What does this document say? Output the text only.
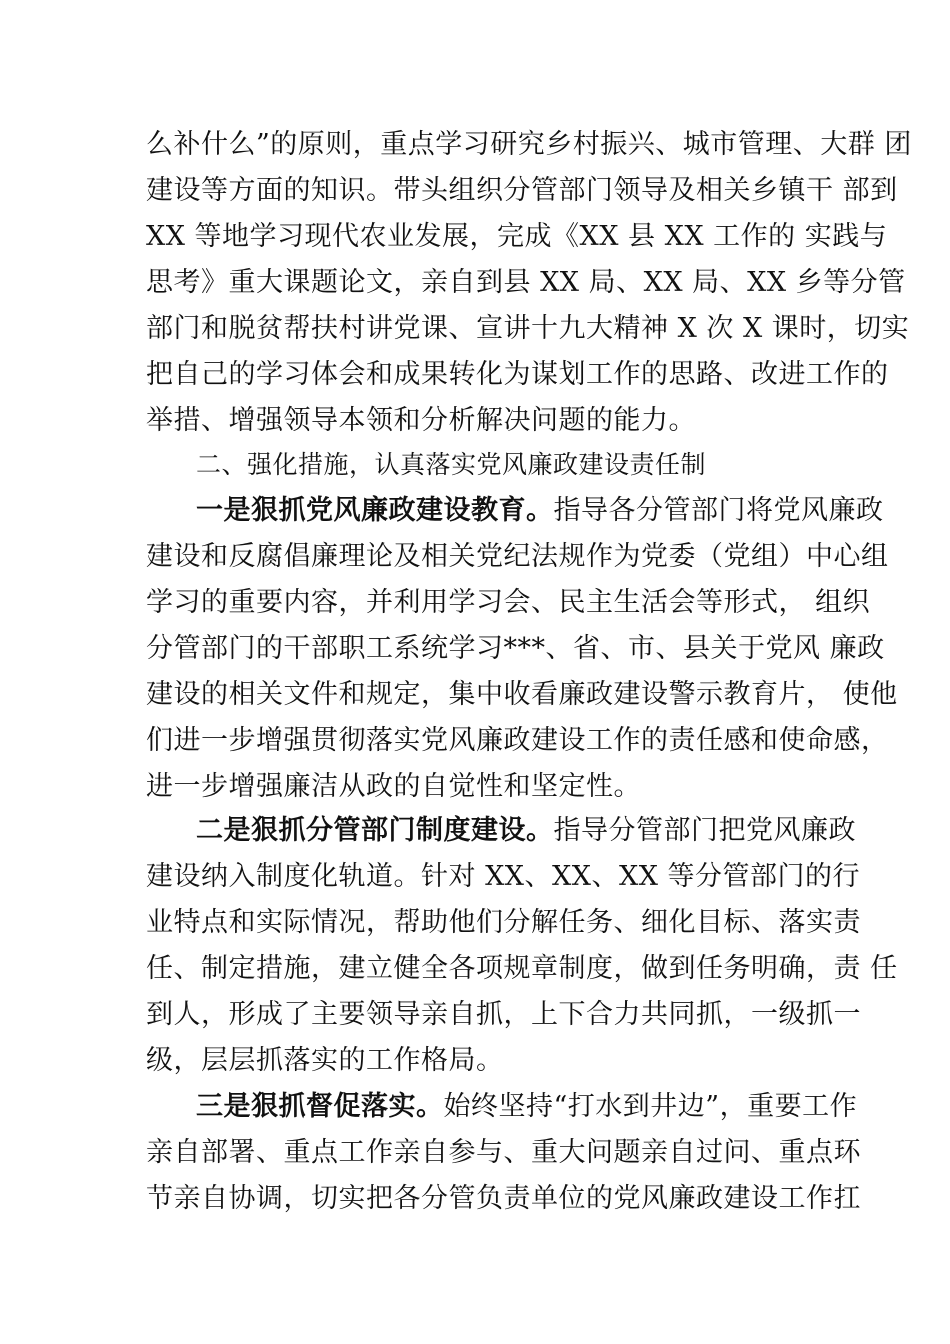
么补什么”的原则，重点学习研究乡村振兴、城市管理、大群 团
建设等方面的知识。带头组织分管部门领导及相关乡镇干 部到
XX 等地学习现代农业发展，完成《XX 县 XX 工作的 实践与
思考》重大课题论文，亲自到县 XX 局、XX 局、XX 乡等分管
部门和脱贫帮扶村讲党课、宣讲十九大精神 X 次 X 课时，切实
把自己的学习体会和成果转化为谋划工作的思路、改进工作的
举措、增强领导本领和分析解决问题的能力。
二、强化措施，认真落实党风廉政建设责任制
一是狠抓党风廉政建设教育。指导各分管部门将党风廉政
建设和反腐倡廉理论及相关党纪法规作为党委（党组）中心组
学习的重要内容，并利用学习会、民主生活会等形式， 组织
分管部门的干部职工系统学习***、省、市、县关于党风 廉政
建设的相关文件和规定，集中收看廉政建设警示教育片， 使他
们进一步增强贯彻落实党风廉政建设工作的责任感和使命感，
进一步增强廉洁从政的自觉性和坚定性。
二是狠抓分管部门制度建设。指导分管部门把党风廉政
建设纳入制度化轨道。针对 XX、XX、XX 等分管部门的行
业特点和实际情况，帮助他们分解任务、细化目标、落实责
任、制定措施，建立健全各项规章制度，做到任务明确，责 任
到人，形成了主要领导亲自抓，上下合力共同抓，一级抓一
级，层层抓落实的工作格局。
三是狠抓督促落实。始终坚持“打水到井边”，重要工作
亲自部署、重点工作亲自参与、重大问题亲自过问、重点环
节亲自协调，切实把各分管负责单位的党风廉政建设工作扛
